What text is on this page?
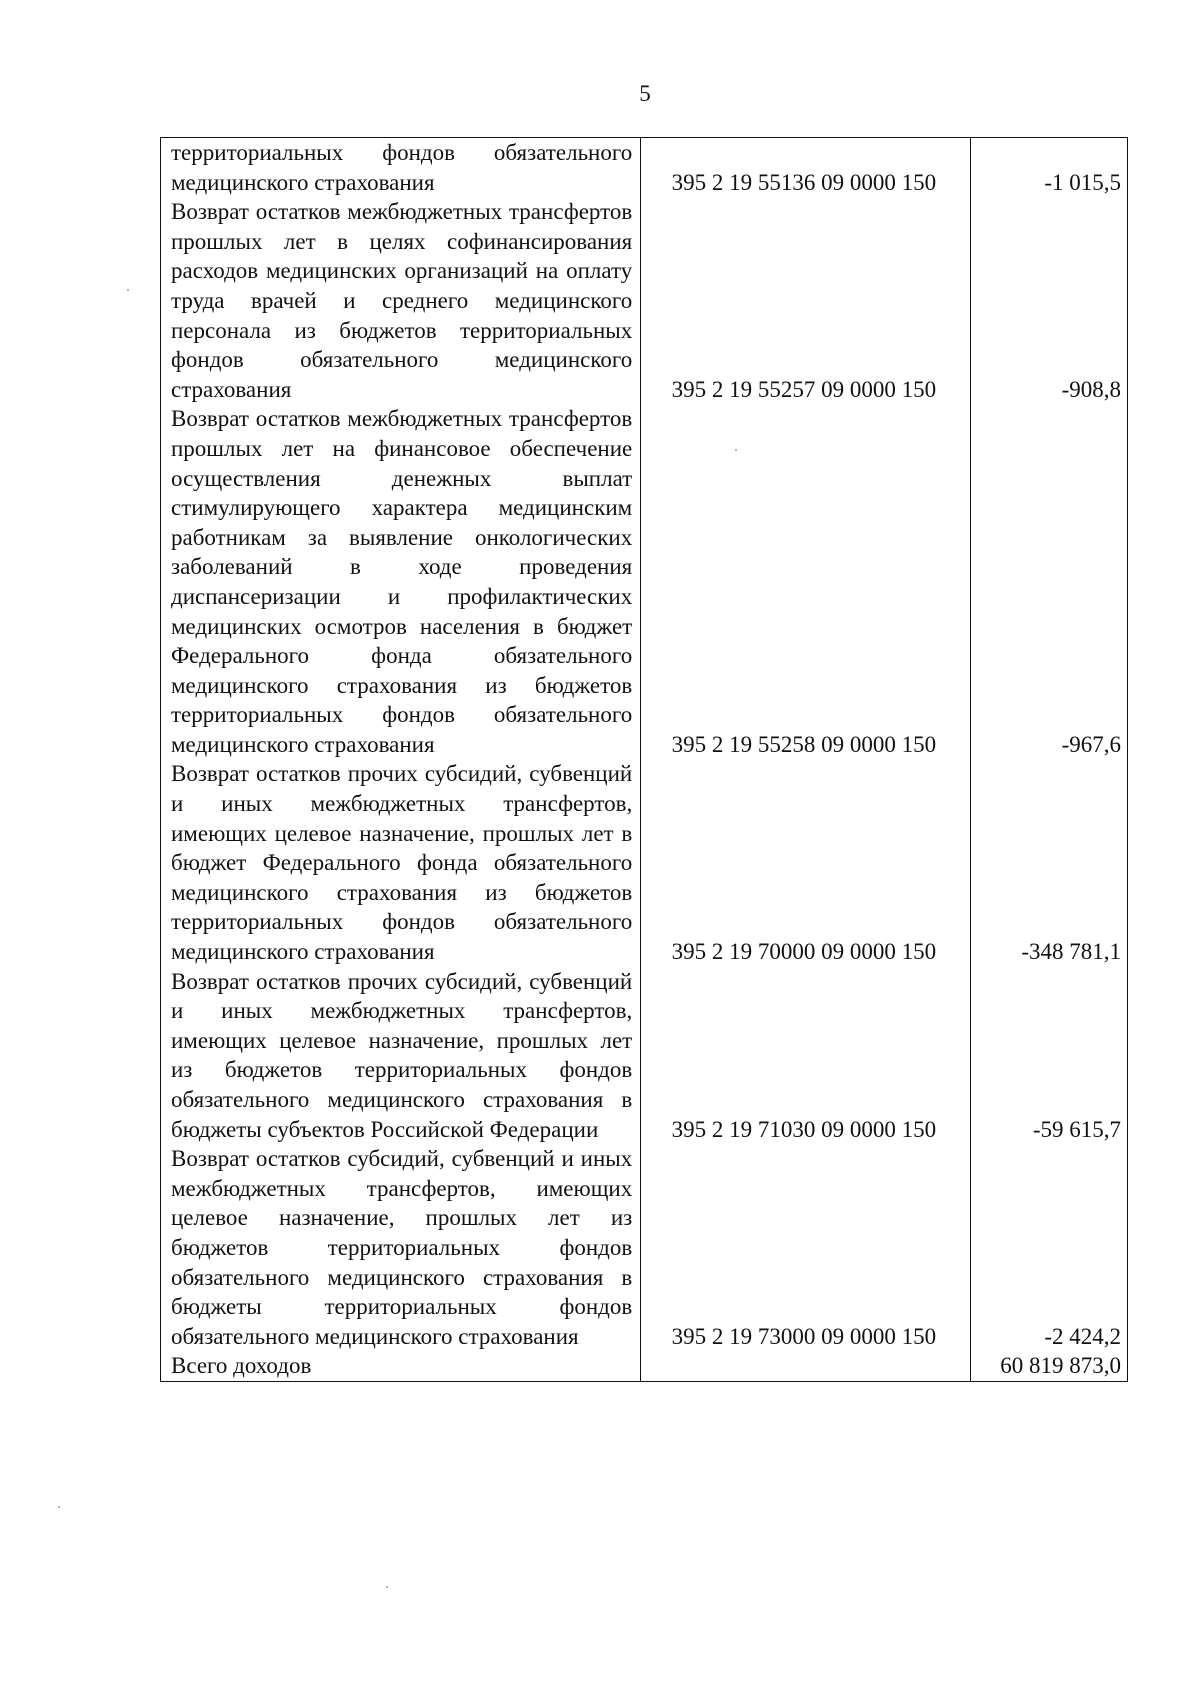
5
территориальных фондов обязательного медицинского страхования	395 2 19 55136 09 0000 150	-1 015,5
Возврат остатков межбюджетных трансфертов прошлых лет в целях софинансирования расходов медицинских организаций на оплату труда врачей и среднего медицинского персонала из бюджетов территориальных фондов обязательного медицинского страхования	395 2 19 55257 09 0000 150	-908,8
Возврат остатков межбюджетных трансфертов прошлых лет на финансовое обеспечение осуществления денежных выплат стимулирующего характера медицинским работникам за выявление онкологических заболеваний в ходе проведения диспансеризации и профилактических медицинских осмотров населения в бюджет Федерального фонда обязательного медицинского страхования из бюджетов территориальных фондов обязательного медицинского страхования	395 2 19 55258 09 0000 150	-967,6
Возврат остатков прочих субсидий, субвенций и иных межбюджетных трансфертов, имеющих целевое назначение, прошлых лет в бюджет Федерального фонда обязательного медицинского страхования из бюджетов территориальных фондов обязательного медицинского страхования	395 2 19 70000 09 0000 150	-348 781,1
Возврат остатков прочих субсидий, субвенций и иных межбюджетных трансфертов, имеющих целевое назначение, прошлых лет из бюджетов территориальных фондов обязательного медицинского страхования в бюджеты субъектов Российской Федерации	395 2 19 71030 09 0000 150	-59 615,7
Возврат остатков субсидий, субвенций и иных межбюджетных трансфертов, имеющих целевое назначение, прошлых лет из бюджетов территориальных фондов обязательного медицинского страхования в бюджеты территориальных фондов обязательного медицинского страхования	395 2 19 73000 09 0000 150	-2 424,2
Всего доходов		60 819 873,0
